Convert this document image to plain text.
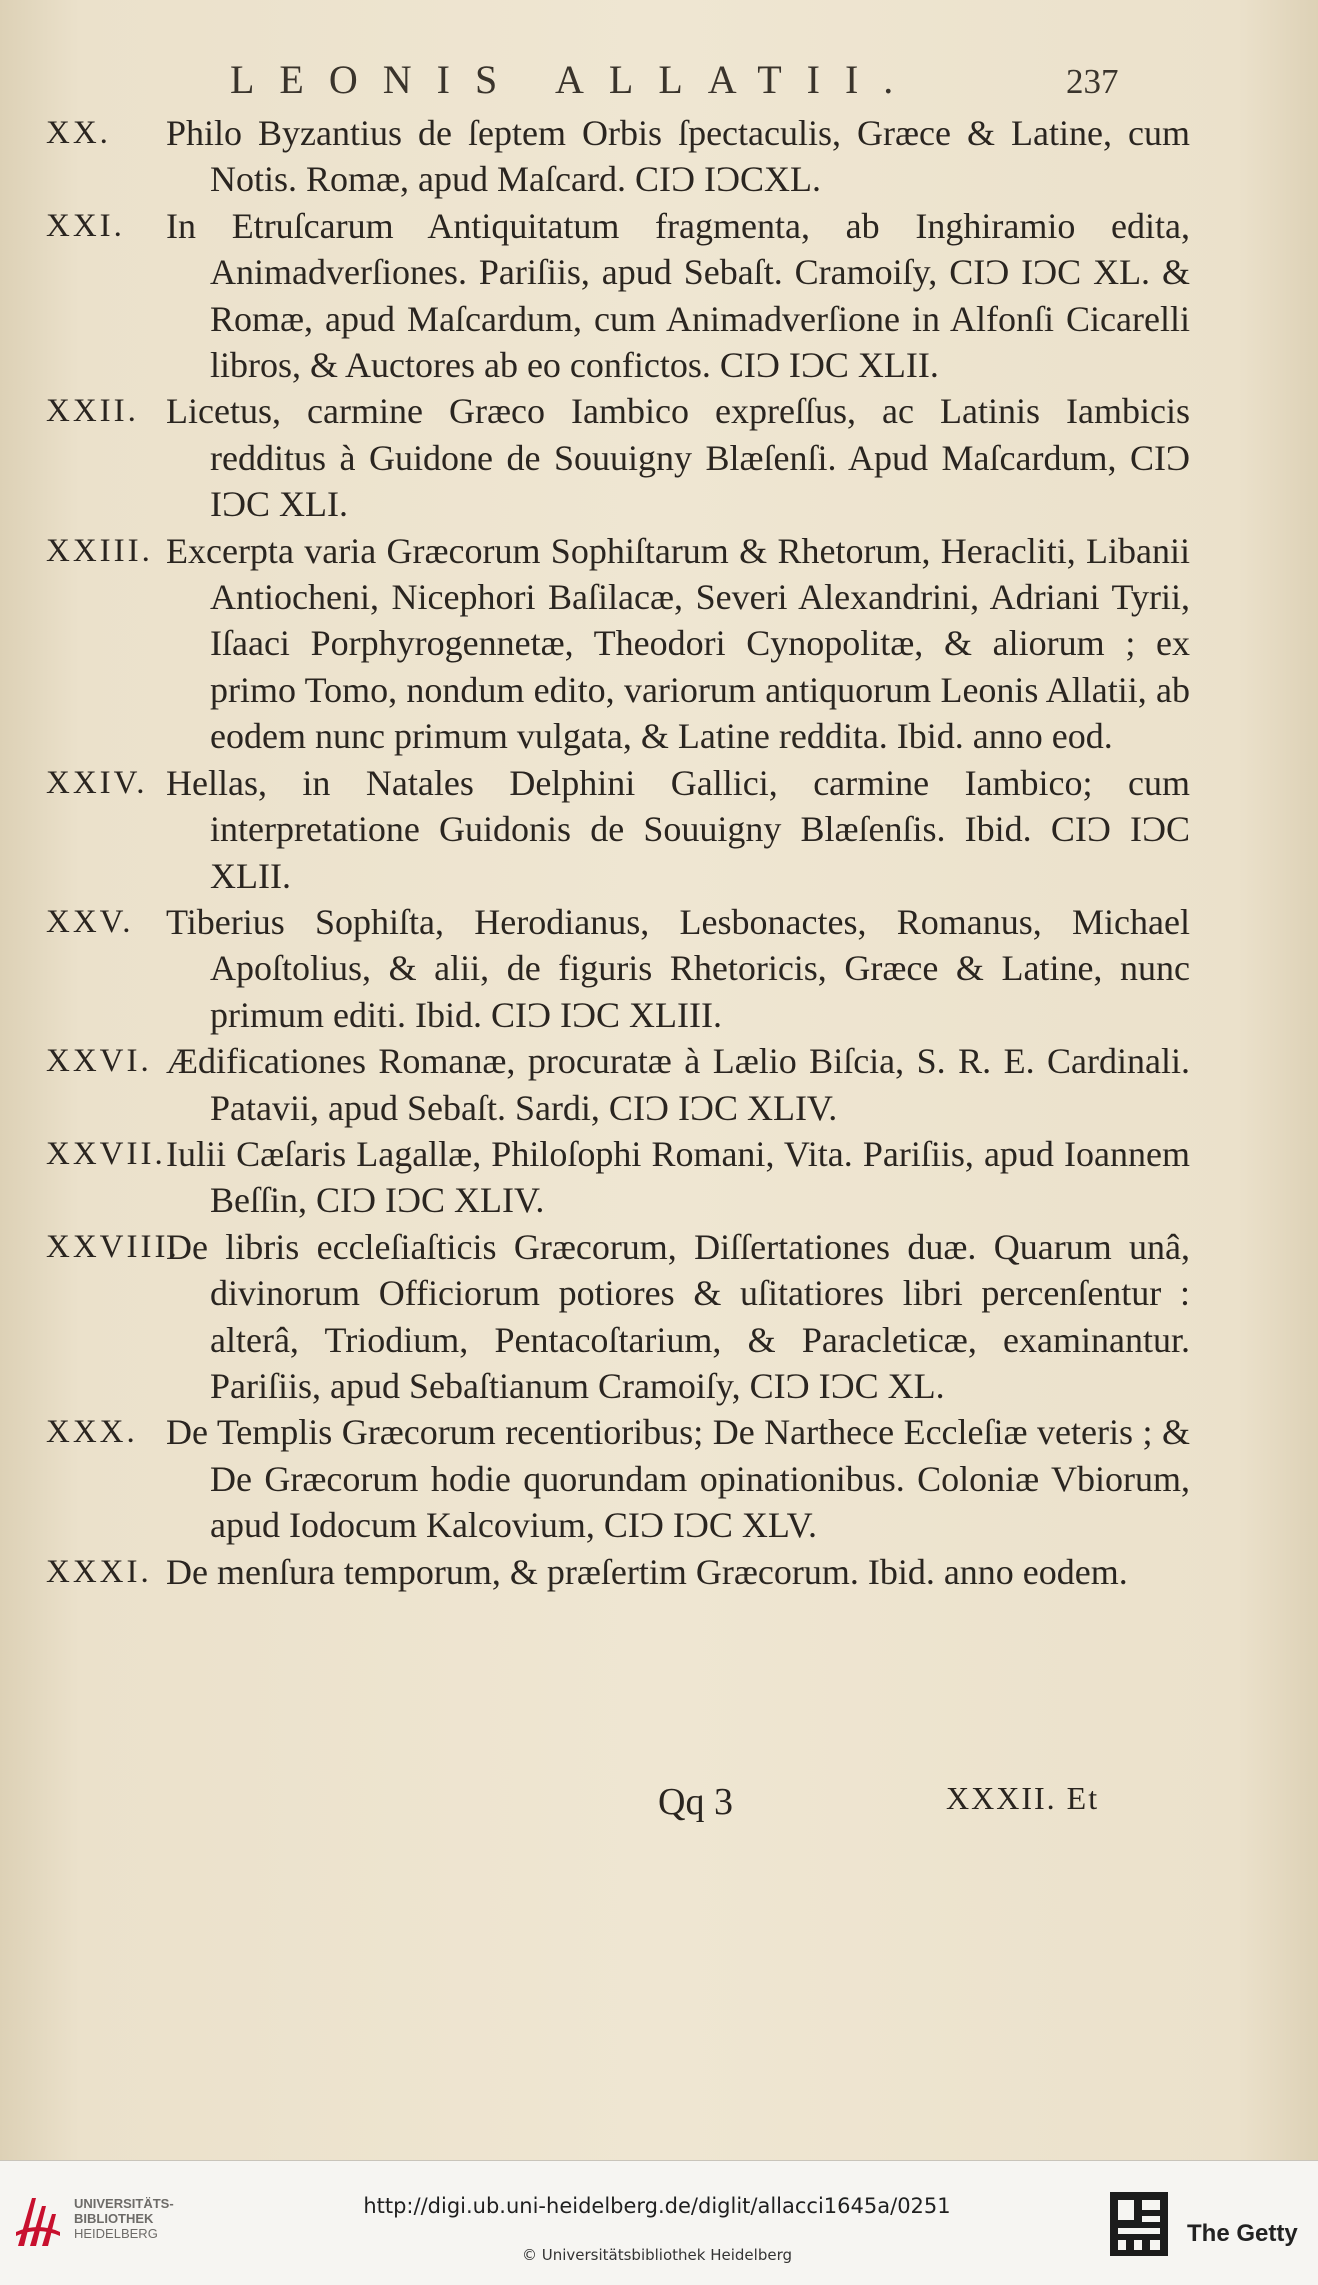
LEONIS ALLATII.	237
XX. Philo Byzantius de ſeptem Orbis ſpectaculis, Græce & Latine, cum Notis. Romæ, apud Maſcard. CIƆ IƆCXL.
XXI. In Etruſcarum Antiquitatum fragmenta, ab Inghiramio edita, Animadverſiones. Pariſiis, apud Sebaſt. Cramoiſy, CIƆ IƆC XL. & Romæ, apud Maſcardum, cum Animadverſione in Alfonſi Cicarelli libros, & Auctores ab eo confictos. CIƆ IƆC XLII.
XXII. Licetus, carmine Græco Iambico expreſſus, ac Latinis Iambicis redditus à Guidone de Souuigny Blæſenſi. Apud Maſcardum, CIƆ IƆC XLI.
XXIII. Excerpta varia Græcorum Sophiſtarum & Rhetorum, Heracliti, Libanii Antiocheni, Nicephori Baſilacæ, Severi Alexandrini, Adriani Tyrii, Iſaaci Porphyrogennetæ, Theodori Cynopolitæ, & aliorum ; ex primo Tomo, nondum edito, variorum antiquorum Leonis Allatii, ab eodem nunc primum vulgata, & Latine reddita. Ibid. anno eod.
XXIV. Hellas, in Natales Delphini Gallici, carmine Iambico; cum interpretatione Guidonis de Souuigny Blæſenſis. Ibid. CIƆ IƆC XLII.
XXV. Tiberius Sophiſta, Herodianus, Lesbonactes, Romanus, Michael Apoſtolius, & alii, de figuris Rhetoricis, Græce & Latine, nunc primum editi. Ibid. CIƆ IƆC XLIII.
XXVI. Ædificationes Romanæ, procuratæ à Lælio Biſcia, S. R. E. Cardinali. Patavii, apud Sebaſt. Sardi, CIƆ IƆC XLIV.
XXVII. Iulii Cæſaris Lagallæ, Philoſophi Romani, Vita. Pariſiis, apud Ioannem Beſſin, CIƆ IƆC XLIV.
XXVIII.
De libris eccleſiaſticis Græcorum, Diſſertationes duæ. Quarum unâ, divinorum Officiorum potiores & uſitatiores libri percenſentur : alterâ, Triodium, Pentacoſtarium, & Paracleticæ, examinantur. Pariſiis, apud Sebaſtianum Cramoiſy, CIƆ IƆC XL.
XXX. De Templis Græcorum recentioribus; De Narthece Eccleſiæ veteris ; & De Græcorum hodie quorundam opinationibus. Coloniæ Vbiorum, apud Iodocum Kalcovium, CIƆ IƆC XLV.
XXXI. De menſura temporum, & præſertim Græcorum. Ibid. anno eodem.
Qq 3	XXXII. Et
UNIVERSITÄTS-
BIBLIOTHEK
HEIDELBERG
http://digi.ub.uni-heidelberg.de/diglit/allacci1645a/0251
© Universitätsbibliothek Heidelberg
The Getty
